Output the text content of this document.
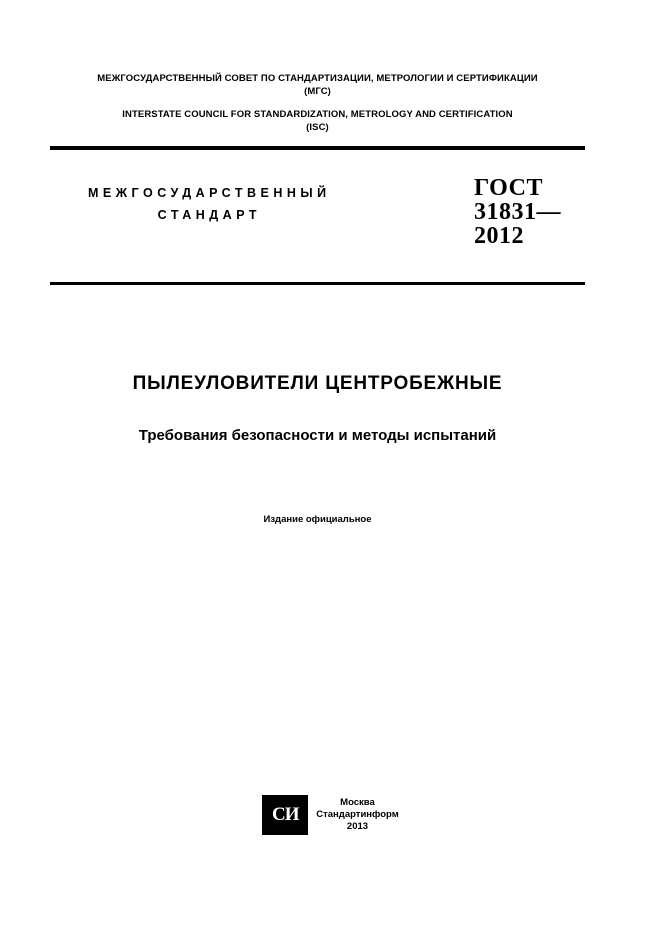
МЕЖГОСУДАРСТВЕННЫЙ СОВЕТ ПО СТАНДАРТИЗАЦИИ, МЕТРОЛОГИИ И СЕРТИФИКАЦИИ
(МГС)
INTERSTATE COUNCIL FOR STANDARDIZATION, METROLOGY AND CERTIFICATION
(ISC)
МЕЖГОСУДАРСТВЕННЫЙ
СТАНДАРТ
ГОСТ
31831—
2012
ПЫЛЕУЛОВИТЕЛИ ЦЕНТРОБЕЖНЫЕ
Требования безопасности и методы испытаний
Издание официальное
СИ
Москва
Стандартинформ
2013
